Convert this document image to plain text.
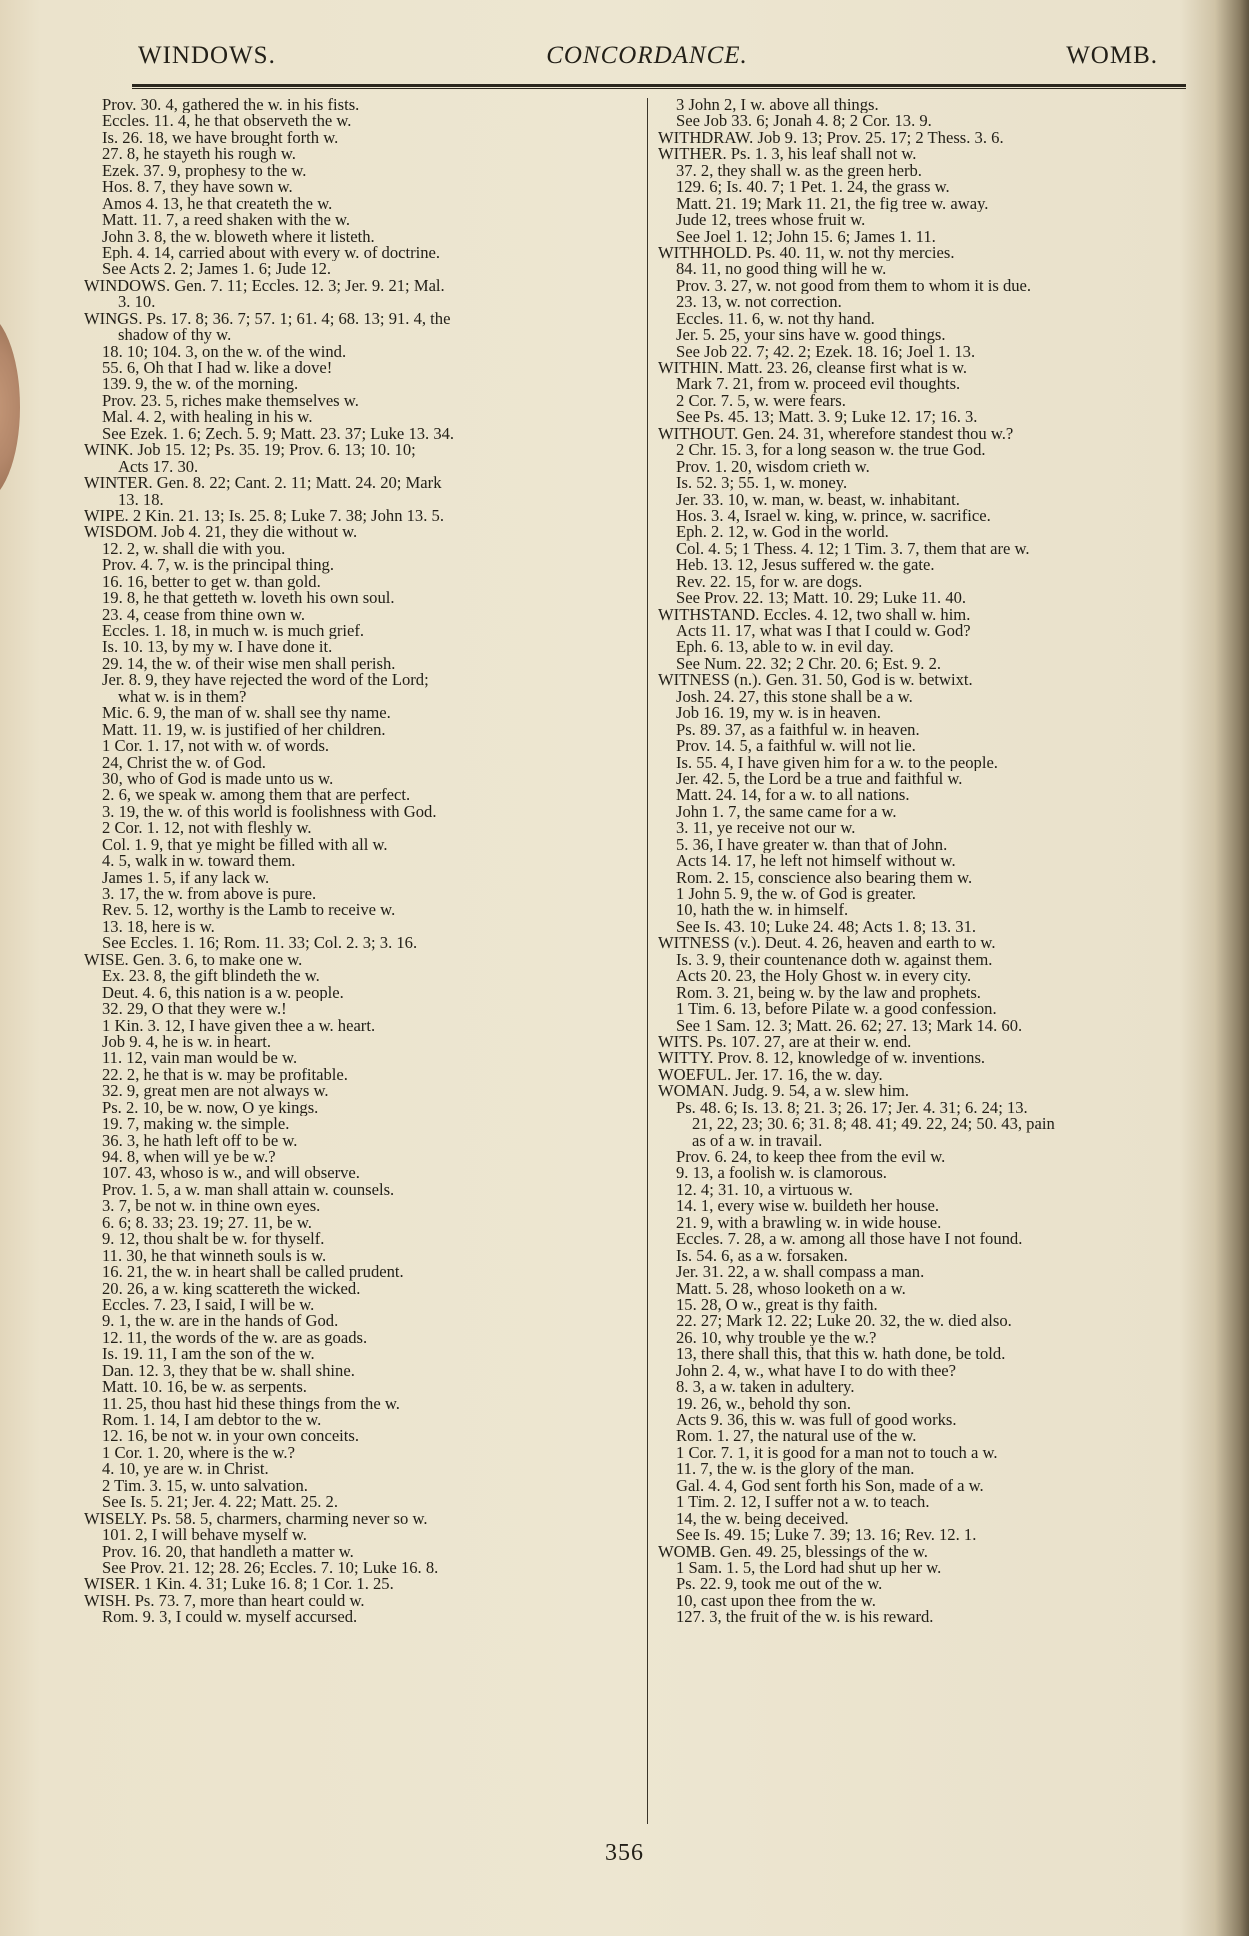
WINDOWS.	CONCORDANCE.	WOMB.
Prov. 30. 4, gathered the w. in his fists.
Eccles. 11. 4, he that observeth the w.
Is. 26. 18, we have brought forth w.
27. 8, he stayeth his rough w.
Ezek. 37. 9, prophesy to the w.
Hos. 8. 7, they have sown w.
Amos 4. 13, he that createth the w.
Matt. 11. 7, a reed shaken with the w.
John 3. 8, the w. bloweth where it listeth.
Eph. 4. 14, carried about with every w. of doctrine.
See Acts 2. 2; James 1. 6; Jude 12.
WINDOWS. Gen. 7. 11; Eccles. 12. 3; Jer. 9. 21; Mal.
3. 10.
WINGS. Ps. 17. 8; 36. 7; 57. 1; 61. 4; 68. 13; 91. 4, the
shadow of thy w.
18. 10; 104. 3, on the w. of the wind.
55. 6, Oh that I had w. like a dove!
139. 9, the w. of the morning.
Prov. 23. 5, riches make themselves w.
Mal. 4. 2, with healing in his w.
See Ezek. 1. 6; Zech. 5. 9; Matt. 23. 37; Luke 13. 34.
WINK. Job 15. 12; Ps. 35. 19; Prov. 6. 13; 10. 10;
Acts 17. 30.
WINTER. Gen. 8. 22; Cant. 2. 11; Matt. 24. 20; Mark
13. 18.
WIPE. 2 Kin. 21. 13; Is. 25. 8; Luke 7. 38; John 13. 5.
WISDOM. Job 4. 21, they die without w.
12. 2, w. shall die with you.
Prov. 4. 7, w. is the principal thing.
16. 16, better to get w. than gold.
19. 8, he that getteth w. loveth his own soul.
23. 4, cease from thine own w.
Eccles. 1. 18, in much w. is much grief.
Is. 10. 13, by my w. I have done it.
29. 14, the w. of their wise men shall perish.
Jer. 8. 9, they have rejected the word of the Lord;
what w. is in them?
Mic. 6. 9, the man of w. shall see thy name.
Matt. 11. 19, w. is justified of her children.
1 Cor. 1. 17, not with w. of words.
24, Christ the w. of God.
30, who of God is made unto us w.
2. 6, we speak w. among them that are perfect.
3. 19, the w. of this world is foolishness with God.
2 Cor. 1. 12, not with fleshly w.
Col. 1. 9, that ye might be filled with all w.
4. 5, walk in w. toward them.
James 1. 5, if any lack w.
3. 17, the w. from above is pure.
Rev. 5. 12, worthy is the Lamb to receive w.
13. 18, here is w.
See Eccles. 1. 16; Rom. 11. 33; Col. 2. 3; 3. 16.
WISE. Gen. 3. 6, to make one w.
Ex. 23. 8, the gift blindeth the w.
Deut. 4. 6, this nation is a w. people.
32. 29, O that they were w.!
1 Kin. 3. 12, I have given thee a w. heart.
Job 9. 4, he is w. in heart.
11. 12, vain man would be w.
22. 2, he that is w. may be profitable.
32. 9, great men are not always w.
Ps. 2. 10, be w. now, O ye kings.
19. 7, making w. the simple.
36. 3, he hath left off to be w.
94. 8, when will ye be w.?
107. 43, whoso is w., and will observe.
Prov. 1. 5, a w. man shall attain w. counsels.
3. 7, be not w. in thine own eyes.
6. 6; 8. 33; 23. 19; 27. 11, be w.
9. 12, thou shalt be w. for thyself.
11. 30, he that winneth souls is w.
16. 21, the w. in heart shall be called prudent.
20. 26, a w. king scattereth the wicked.
Eccles. 7. 23, I said, I will be w.
9. 1, the w. are in the hands of God.
12. 11, the words of the w. are as goads.
Is. 19. 11, I am the son of the w.
Dan. 12. 3, they that be w. shall shine.
Matt. 10. 16, be w. as serpents.
11. 25, thou hast hid these things from the w.
Rom. 1. 14, I am debtor to the w.
12. 16, be not w. in your own conceits.
1 Cor. 1. 20, where is the w.?
4. 10, ye are w. in Christ.
2 Tim. 3. 15, w. unto salvation.
See Is. 5. 21; Jer. 4. 22; Matt. 25. 2.
WISELY. Ps. 58. 5, charmers, charming never so w.
101. 2, I will behave myself w.
Prov. 16. 20, that handleth a matter w.
See Prov. 21. 12; 28. 26; Eccles. 7. 10; Luke 16. 8.
WISER. 1 Kin. 4. 31; Luke 16. 8; 1 Cor. 1. 25.
WISH. Ps. 73. 7, more than heart could w.
Rom. 9. 3, I could w. myself accursed.
3 John 2, I w. above all things.
See Job 33. 6; Jonah 4. 8; 2 Cor. 13. 9.
WITHDRAW. Job 9. 13; Prov. 25. 17; 2 Thess. 3. 6.
WITHER. Ps. 1. 3, his leaf shall not w.
37. 2, they shall w. as the green herb.
129. 6; Is. 40. 7; 1 Pet. 1. 24, the grass w.
Matt. 21. 19; Mark 11. 21, the fig tree w. away.
Jude 12, trees whose fruit w.
See Joel 1. 12; John 15. 6; James 1. 11.
WITHHOLD. Ps. 40. 11, w. not thy mercies.
84. 11, no good thing will he w.
Prov. 3. 27, w. not good from them to whom it is due.
23. 13, w. not correction.
Eccles. 11. 6, w. not thy hand.
Jer. 5. 25, your sins have w. good things.
See Job 22. 7; 42. 2; Ezek. 18. 16; Joel 1. 13.
WITHIN. Matt. 23. 26, cleanse first what is w.
Mark 7. 21, from w. proceed evil thoughts.
2 Cor. 7. 5, w. were fears.
See Ps. 45. 13; Matt. 3. 9; Luke 12. 17; 16. 3.
WITHOUT. Gen. 24. 31, wherefore standest thou w.?
2 Chr. 15. 3, for a long season w. the true God.
Prov. 1. 20, wisdom crieth w.
Is. 52. 3; 55. 1, w. money.
Jer. 33. 10, w. man, w. beast, w. inhabitant.
Hos. 3. 4, Israel w. king, w. prince, w. sacrifice.
Eph. 2. 12, w. God in the world.
Col. 4. 5; 1 Thess. 4. 12; 1 Tim. 3. 7, them that are w.
Heb. 13. 12, Jesus suffered w. the gate.
Rev. 22. 15, for w. are dogs.
See Prov. 22. 13; Matt. 10. 29; Luke 11. 40.
WITHSTAND. Eccles. 4. 12, two shall w. him.
Acts 11. 17, what was I that I could w. God?
Eph. 6. 13, able to w. in evil day.
See Num. 22. 32; 2 Chr. 20. 6; Est. 9. 2.
WITNESS (n.). Gen. 31. 50, God is w. betwixt.
Josh. 24. 27, this stone shall be a w.
Job 16. 19, my w. is in heaven.
Ps. 89. 37, as a faithful w. in heaven.
Prov. 14. 5, a faithful w. will not lie.
Is. 55. 4, I have given him for a w. to the people.
Jer. 42. 5, the Lord be a true and faithful w.
Matt. 24. 14, for a w. to all nations.
John 1. 7, the same came for a w.
3. 11, ye receive not our w.
5. 36, I have greater w. than that of John.
Acts 14. 17, he left not himself without w.
Rom. 2. 15, conscience also bearing them w.
1 John 5. 9, the w. of God is greater.
10, hath the w. in himself.
See Is. 43. 10; Luke 24. 48; Acts 1. 8; 13. 31.
WITNESS (v.). Deut. 4. 26, heaven and earth to w.
Is. 3. 9, their countenance doth w. against them.
Acts 20. 23, the Holy Ghost w. in every city.
Rom. 3. 21, being w. by the law and prophets.
1 Tim. 6. 13, before Pilate w. a good confession.
See 1 Sam. 12. 3; Matt. 26. 62; 27. 13; Mark 14. 60.
WITS. Ps. 107. 27, are at their w. end.
WITTY. Prov. 8. 12, knowledge of w. inventions.
WOEFUL. Jer. 17. 16, the w. day.
WOMAN. Judg. 9. 54, a w. slew him.
Ps. 48. 6; Is. 13. 8; 21. 3; 26. 17; Jer. 4. 31; 6. 24; 13.
21, 22, 23; 30. 6; 31. 8; 48. 41; 49. 22, 24; 50. 43, pain
as of a w. in travail.
Prov. 6. 24, to keep thee from the evil w.
9. 13, a foolish w. is clamorous.
12. 4; 31. 10, a virtuous w.
14. 1, every wise w. buildeth her house.
21. 9, with a brawling w. in wide house.
Eccles. 7. 28, a w. among all those have I not found.
Is. 54. 6, as a w. forsaken.
Jer. 31. 22, a w. shall compass a man.
Matt. 5. 28, whoso looketh on a w.
15. 28, O w., great is thy faith.
22. 27; Mark 12. 22; Luke 20. 32, the w. died also.
26. 10, why trouble ye the w.?
13, there shall this, that this w. hath done, be told.
John 2. 4, w., what have I to do with thee?
8. 3, a w. taken in adultery.
19. 26, w., behold thy son.
Acts 9. 36, this w. was full of good works.
Rom. 1. 27, the natural use of the w.
1 Cor. 7. 1, it is good for a man not to touch a w.
11. 7, the w. is the glory of the man.
Gal. 4. 4, God sent forth his Son, made of a w.
1 Tim. 2. 12, I suffer not a w. to teach.
14, the w. being deceived.
See Is. 49. 15; Luke 7. 39; 13. 16; Rev. 12. 1.
WOMB. Gen. 49. 25, blessings of the w.
1 Sam. 1. 5, the Lord had shut up her w.
Ps. 22. 9, took me out of the w.
10, cast upon thee from the w.
127. 3, the fruit of the w. is his reward.
356
